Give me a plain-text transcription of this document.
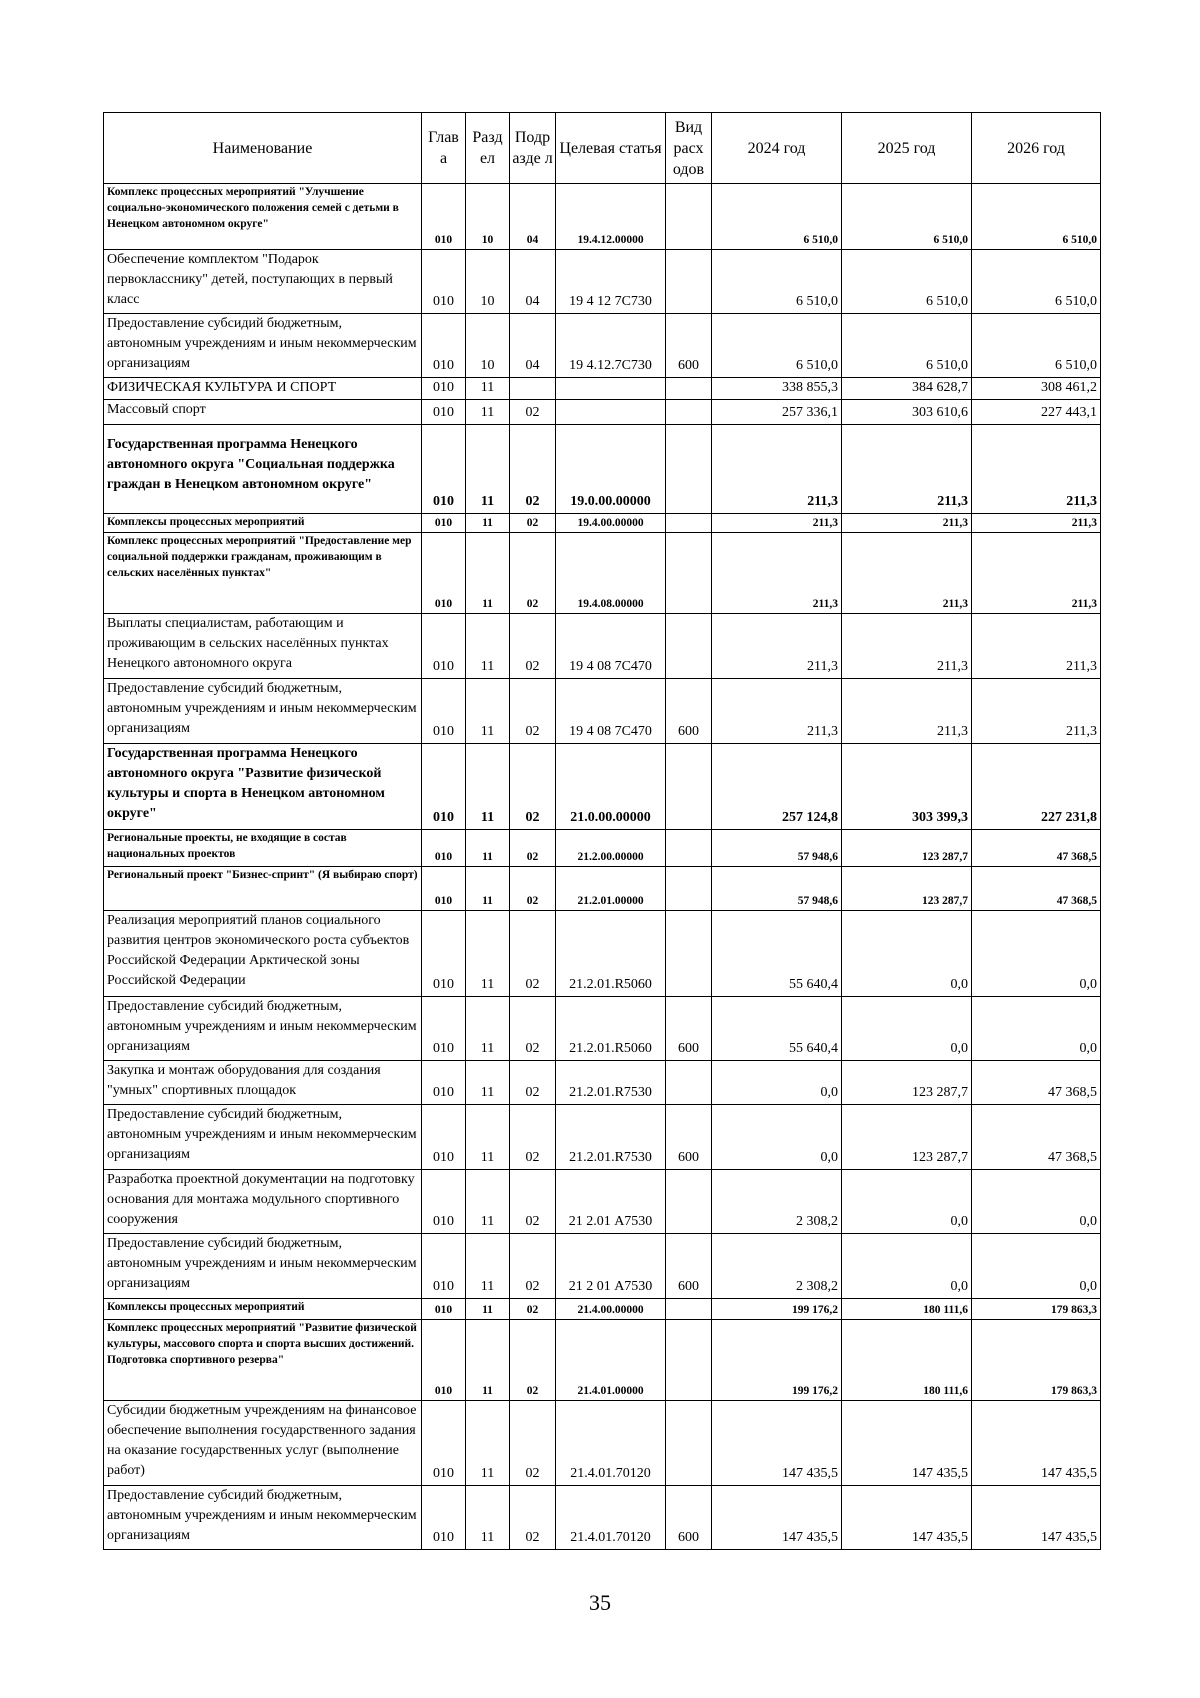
Наименование	Глав а	Разд ел	Подр азде л	Целевая статья	Вид расх одов	2024 год	2025 год	2026 год
Комплекс процессных мероприятий "Улучшение социально-экономического положения семей с детьми в Ненецком автономном округе"	010	10	04	19.4.12.00000		6 510,0	6 510,0	6 510,0
Обеспечение комплектом "Подарок первокласснику" детей, поступающих в первый класс	010	10	04	19 4 12 7С730		6 510,0	6 510,0	6 510,0
Предоставление субсидий бюджетным, автономным учреждениям и иным некоммерческим организациям	010	10	04	19 4.12.7С730	600	6 510,0	6 510,0	6 510,0
ФИЗИЧЕСКАЯ КУЛЬТУРА И СПОРТ	010	11				338 855,3	384 628,7	308 461,2
Массовый спорт	010	11	02			257 336,1	303 610,6	227 443,1
Государственная программа Ненецкого автономного округа "Социальная поддержка граждан в Ненецком автономном округе"	010	11	02	19.0.00.00000		211,3	211,3	211,3
Комплексы процессных мероприятий	010	11	02	19.4.00.00000		211,3	211,3	211,3
Комплекс процессных мероприятий "Предоставление мер социальной поддержки гражданам, проживающим в сельских населённых пунктах"	010	11	02	19.4.08.00000		211,3	211,3	211,3
Выплаты специалистам, работающим и проживающим в сельских населённых пунктах Ненецкого автономного округа	010	11	02	19 4 08 7С470		211,3	211,3	211,3
Предоставление субсидий бюджетным, автономным учреждениям и иным некоммерческим организациям	010	11	02	19 4 08 7С470	600	211,3	211,3	211,3
Государственная программа Ненецкого автономного округа "Развитие физической культуры и спорта в Ненецком автономном округе"	010	11	02	21.0.00.00000		257 124,8	303 399,3	227 231,8
Региональные проекты, не входящие в состав национальных проектов	010	11	02	21.2.00.00000		57 948,6	123 287,7	47 368,5
Региональный проект "Бизнес-спринт" (Я выбираю спорт)	010	11	02	21.2.01.00000		57 948,6	123 287,7	47 368,5
Реализация мероприятий планов социального развития центров экономического роста субъектов Российской Федерации Арктической зоны Российской Федерации	010	11	02	21.2.01.R5060		55 640,4	0,0	0,0
Предоставление субсидий бюджетным, автономным учреждениям и иным некоммерческим организациям	010	11	02	21.2.01.R5060	600	55 640,4	0,0	0,0
Закупка и монтаж оборудования для создания "умных" спортивных площадок	010	11	02	21.2.01.R7530		0,0	123 287,7	47 368,5
Предоставление субсидий бюджетным, автономным учреждениям и иным некоммерческим организациям	010	11	02	21.2.01.R7530	600	0,0	123 287,7	47 368,5
Разработка проектной документации на подготовку основания для монтажа модульного спортивного сооружения	010	11	02	21 2.01 А7530		2 308,2	0,0	0,0
Предоставление субсидий бюджетным, автономным учреждениям и иным некоммерческим организациям	010	11	02	21 2 01 А7530	600	2 308,2	0,0	0,0
Комплексы процессных мероприятий	010	11	02	21.4.00.00000		199 176,2	180 111,6	179 863,3
Комплекс процессных мероприятий "Развитие физической культуры, массового спорта и спорта высших достижений. Подготовка спортивного резерва"	010	11	02	21.4.01.00000		199 176,2	180 111,6	179 863,3
Субсидии бюджетным учреждениям на финансовое обеспечение выполнения государственного задания на оказание государственных услуг (выполнение работ)	010	11	02	21.4.01.70120		147 435,5	147 435,5	147 435,5
Предоставление субсидий бюджетным, автономным учреждениям и иным некоммерческим организациям	010	11	02	21.4.01.70120	600	147 435,5	147 435,5	147 435,5
35
